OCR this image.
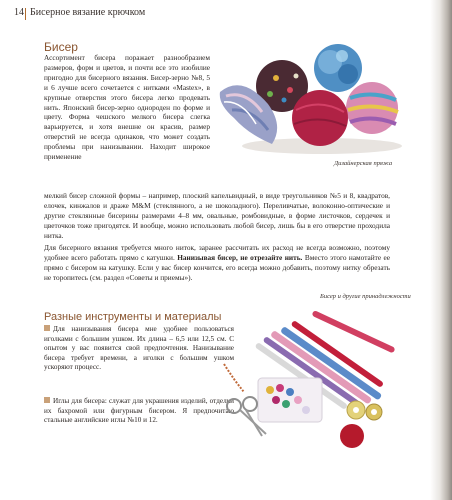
14 Бисерное вязание крючком
Бисер

Ассортимент бисера поражает разнообразием размеров, форм и цветов, и почти все это изобилие пригодно для бисерного вязания. Бисер-зерно №8, 5 и 6 лучше всего сочетается с нитками «Mastex», в крупные отверстия этого бисера легко продевать нить. Японский бисер-зерно однороден по форме и цвету. Форма чешского мелкого бисера слегка варьируется, и хотя внешне он красив, размер отверстий не всегда одинаков, что может создать проблемы при нанизывании. Находит широкое применение

мелкий бисер сложной формы – например, плоский капельвидный, в виде треугольников №5 и 8, квадратов, елочек, кинжалов и драже M&M (стеклянного, а не шоколадного). Переливчатые, волоконно-оптические и другие стеклянные бисерины размерами 4–8 мм, овальные, ромбовидные, в форме листочков, сердечек и цветочков тоже пригодятся. И вообще, можно использовать любой бисер, лишь бы в его отверстие проходила нитка.

Для бисерного вязания требуется много ниток, заранее рассчитать их расход не всегда возможно, поэтому удобнее всего работать прямо с катушки. Нанизывая бисер, не отрезайте нить. Вместо этого намотайте ее прямо с бисером на катушку. Если у вас бисер кончится, его всегда можно добавить, поэтому нитку обрезать не торопитесь (см. раздел «Советы и приемы»).

Дизайнерская пряжа

Разные инструменты и материалы

Для нанизывания бисера мне удобнее пользоваться иголками с большим ушком. Их длина – 6,5 или 12,5 см. С опытом у вас появится свой предпочтения. Нанизывание бисера требует времени, а иголки с большим ушком ускоряют процесс.

Иглы для бисера: служат для украшения изделий, отделки их бахромой или фигурным бисером. Я предпочитаю стальные английские иглы №10 и 12.

Бисер и другие принадлежности
